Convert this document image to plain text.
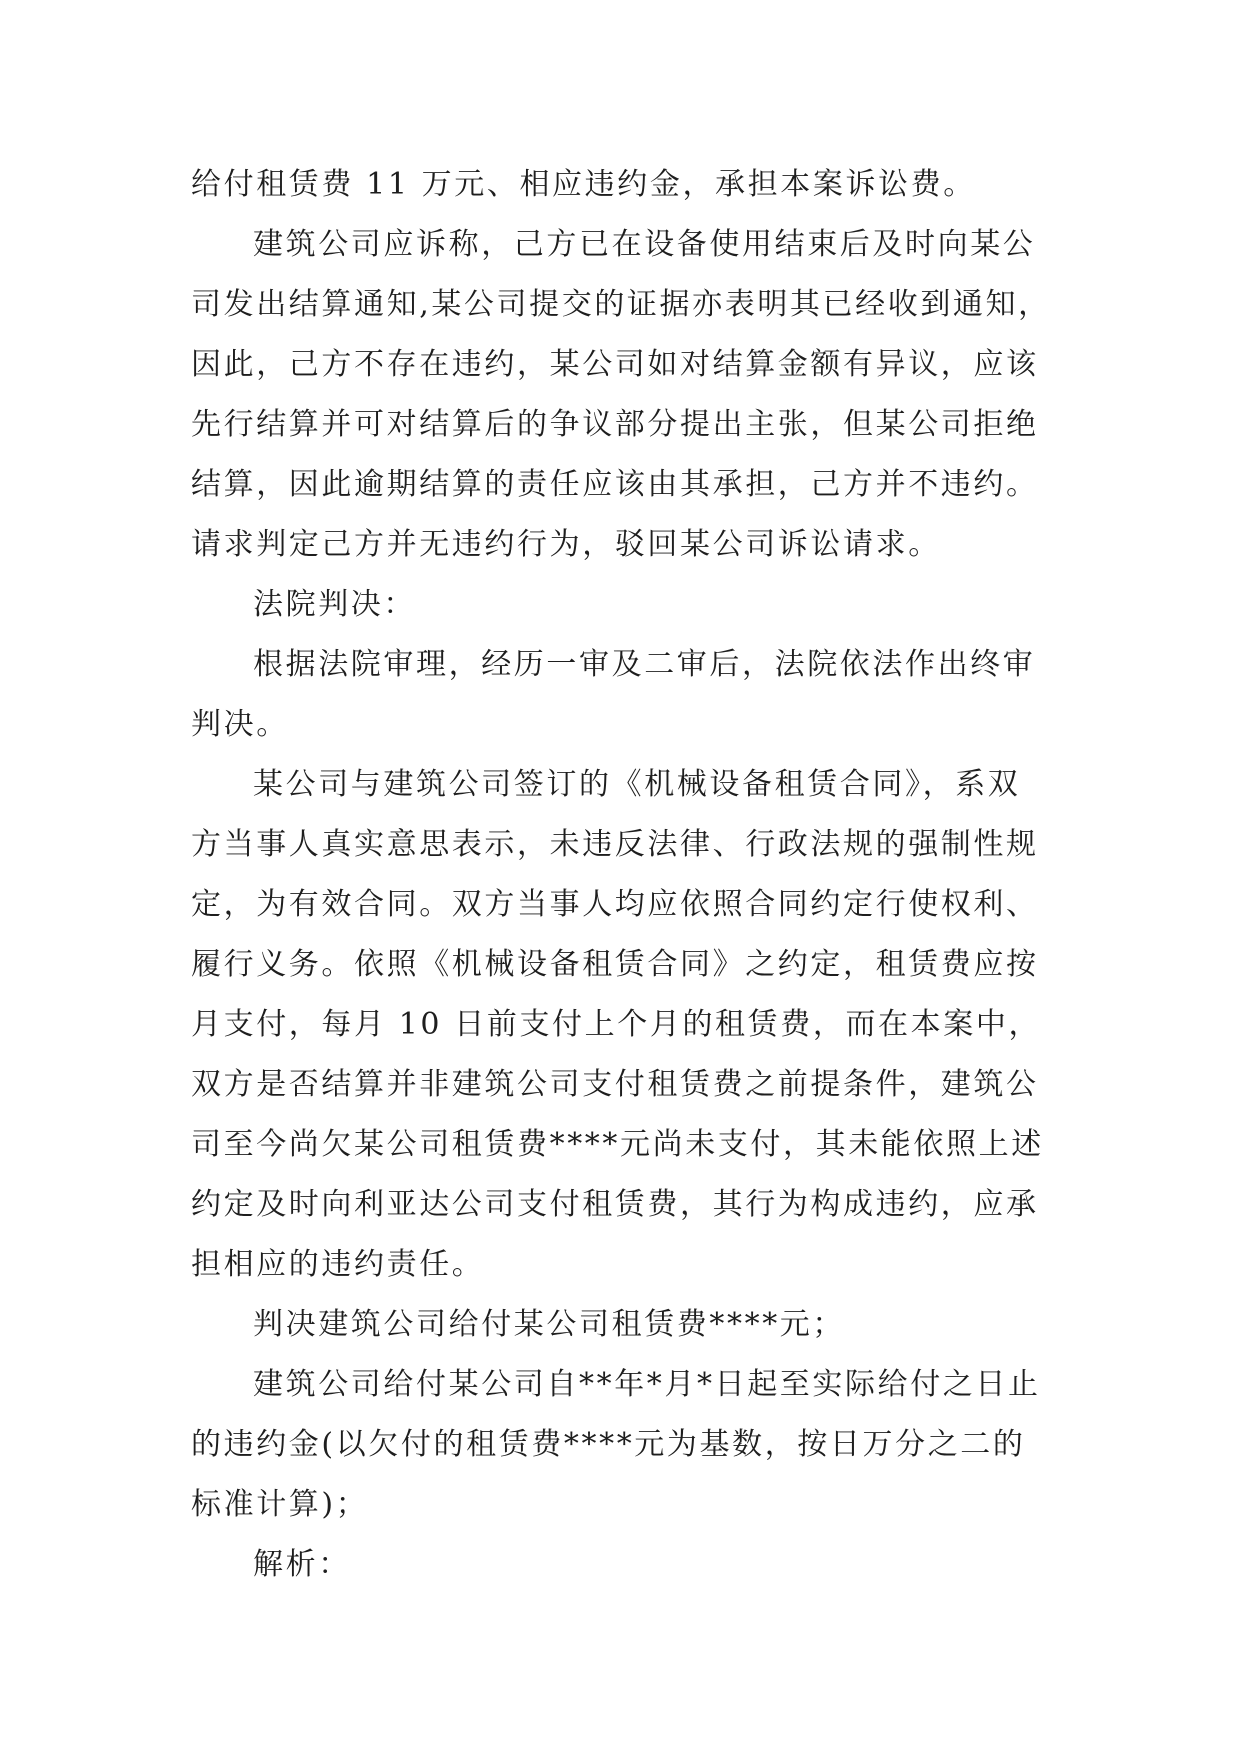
给付租赁费 11 万元、相应违约金，承担本案诉讼费。

建筑公司应诉称，己方已在设备使用结束后及时向某公

司发出结算通知,某公司提交的证据亦表明其已经收到通知，

因此，己方不存在违约，某公司如对结算金额有异议，应该

先行结算并可对结算后的争议部分提出主张，但某公司拒绝

结算，因此逾期结算的责任应该由其承担，己方并不违约。

请求判定己方并无违约行为，驳回某公司诉讼请求。

法院判决：

根据法院审理，经历一审及二审后，法院依法作出终审

判决。

某公司与建筑公司签订的《机械设备租赁合同》，系双

方当事人真实意思表示，未违反法律、行政法规的强制性规

定，为有效合同。双方当事人均应依照合同约定行使权利、

履行义务。依照《机械设备租赁合同》之约定，租赁费应按

月支付，每月 10 日前支付上个月的租赁费，而在本案中，

双方是否结算并非建筑公司支付租赁费之前提条件，建筑公

司至今尚欠某公司租赁费****元尚未支付，其未能依照上述

约定及时向利亚达公司支付租赁费，其行为构成违约，应承

担相应的违约责任。

判决建筑公司给付某公司租赁费****元；

建筑公司给付某公司自**年*月*日起至实际给付之日止

的违约金(以欠付的租赁费****元为基数，按日万分之二的

标准计算)；

解析：
